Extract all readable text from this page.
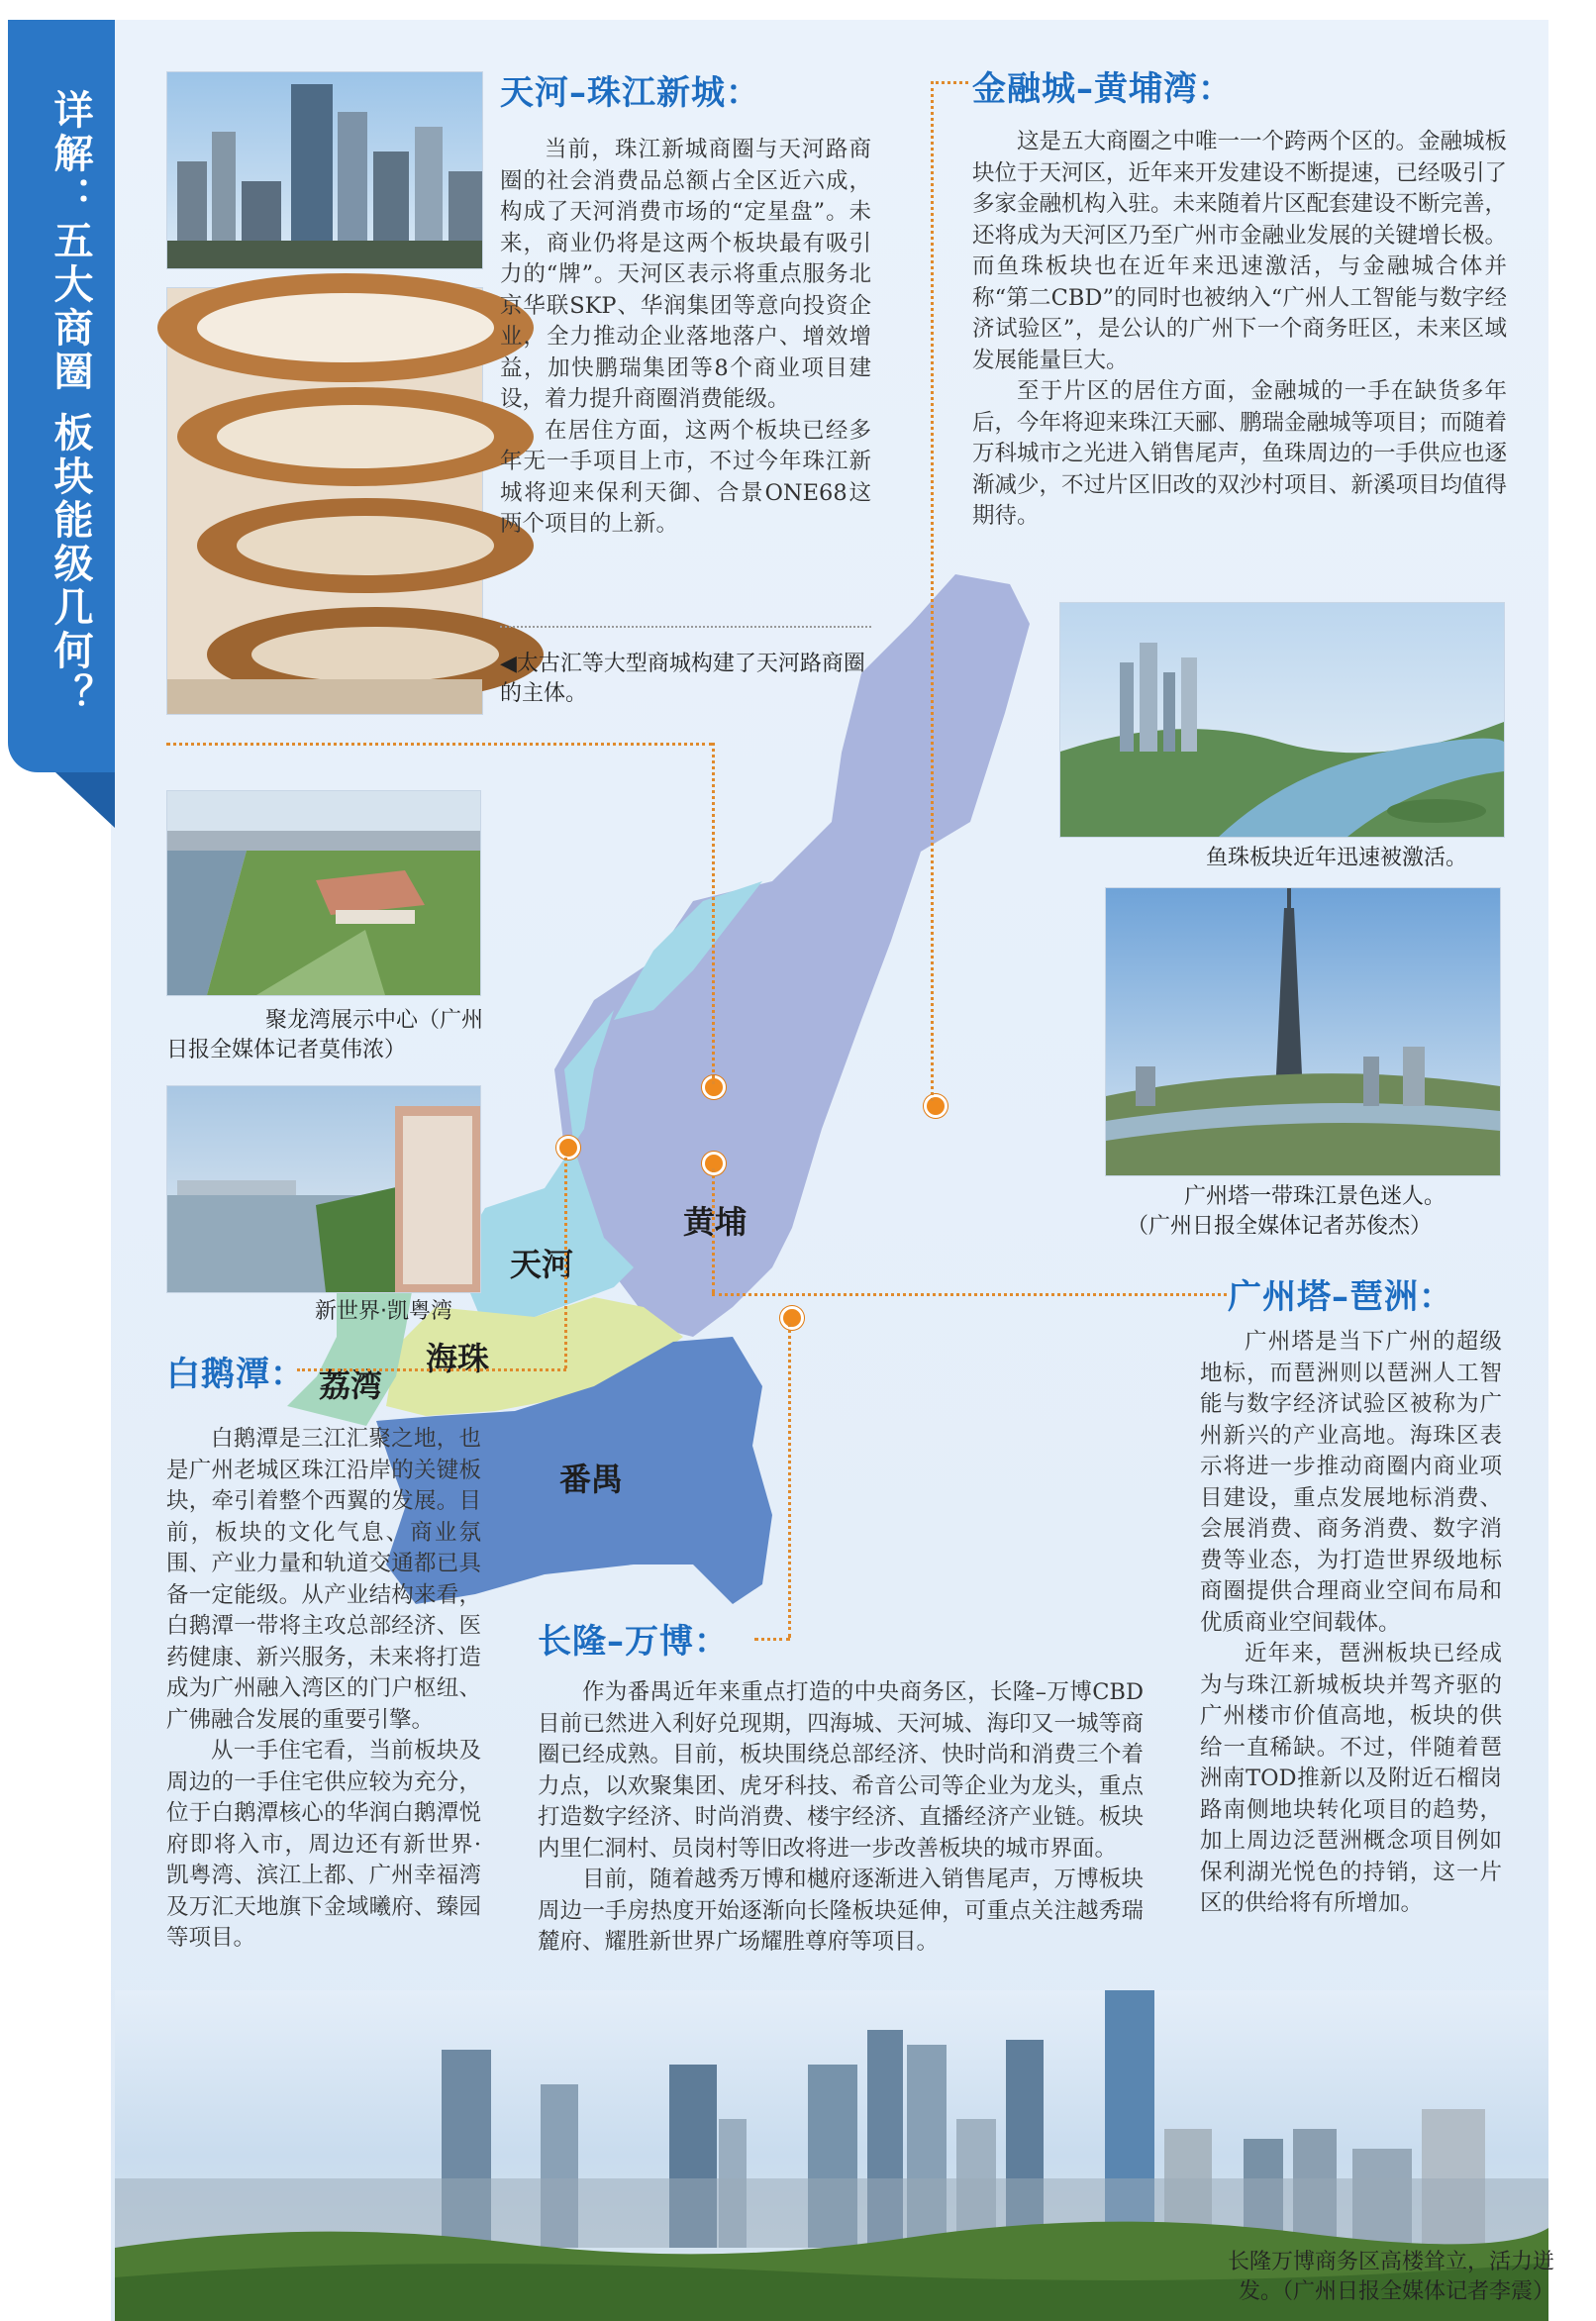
详解：五大商圈 板块能级几何？	天河–珠江新城：

当前，珠江新城商圈与天河路商圈的社会消费品总额占全区近六成，构成了天河消费市场的“定星盘”。未来，商业仍将是这两个板块最有吸引力的“牌”。天河区表示将重点服务北京华联SKP、华润集团等意向投资企业，全力推动企业落地落户、增效增益，加快鹏瑞集团等8个商业项目建设，着力提升商圈消费能级。

在居住方面，这两个板块已经多年无一手项目上市，不过今年珠江新城将迎来保利天御、合景ONE68这两个项目的上新。

◀太古汇等大型商城构建了天河路商圈的主体。
金融城–黄埔湾：

这是五大商圈之中唯一一个跨两个区的。金融城板块位于天河区，近年来开发建设不断提速，已经吸引了多家金融机构入驻。未来随着片区配套建设不断完善，还将成为天河区乃至广州市金融业发展的关键增长极。而鱼珠板块也在近年来迅速激活，与金融城合体并称“第二CBD”的同时也被纳入“广州人工智能与数字经济试验区”，是公认的广州下一个商务旺区，未来区域发展能量巨大。

至于片区的居住方面，金融城的一手在缺货多年后，今年将迎来珠江天郦、鹏瑞金融城等项目；而随着万科城市之光进入销售尾声，鱼珠周边的一手供应也逐渐减少，不过片区旧改的双沙村项目、新溪项目均值得期待。

黄埔
天河
海珠
荔湾
番禺
鱼珠板块近年迅速被激活。
广州塔一带珠江景色迷人。
（广州日报全媒体记者苏俊杰）
广州塔–琶洲：

广州塔是当下广州的超级地标，而琶洲则以琶洲人工智能与数字经济试验区被称为广州新兴的产业高地。海珠区表示将进一步推动商圈内商业项目建设，重点发展地标消费、会展消费、商务消费、数字消费等业态，为打造世界级地标商圈提供合理商业空间布局和优质商业空间载体。

近年来，琶洲板块已经成为与珠江新城板块并驾齐驱的广州楼市价值高地，板块的供给一直稀缺。不过，伴随着琶洲南TOD推新以及附近石榴岗路南侧地块转化项目的趋势，加上周边泛琶洲概念项目例如保利湖光悦色的持销，这一片区的供给将有所增加。

聚龙湾展示中心（广州
日报全媒体记者莫伟浓）
新世界·凯粤湾
白鹅潭：

白鹅潭是三江汇聚之地，也是广州老城区珠江沿岸的关键板块，牵引着整个西翼的发展。目前，板块的文化气息、商业氛围、产业力量和轨道交通都已具备一定能级。从产业结构来看，白鹅潭一带将主攻总部经济、医药健康、新兴服务，未来将打造成为广州融入湾区的门户枢纽、广佛融合发展的重要引擎。

从一手住宅看，当前板块及周边的一手住宅供应较为充分，位于白鹅潭核心的华润白鹅潭悦府即将入市，周边还有新世界·凯粤湾、滨江上都、广州幸福湾及万汇天地旗下金域曦府、臻园等项目。

长隆–万博：

作为番禺近年来重点打造的中央商务区，长隆–万博CBD目前已然进入利好兑现期，四海城、天河城、海印又一城等商圈已经成熟。目前，板块围绕总部经济、快时尚和消费三个着力点，以欢聚集团、虎牙科技、希音公司等企业为龙头，重点打造数字经济、时尚消费、楼宇经济、直播经济产业链。板块内里仁洞村、员岗村等旧改将进一步改善板块的城市界面。

目前，随着越秀万博和樾府逐渐进入销售尾声，万博板块周边一手房热度开始逐渐向长隆板块延伸，可重点关注越秀瑞麓府、耀胜新世界广场耀胜尊府等项目。

长隆万博商务区高楼耸立，活力迸
发。（广州日报全媒体记者李震）
